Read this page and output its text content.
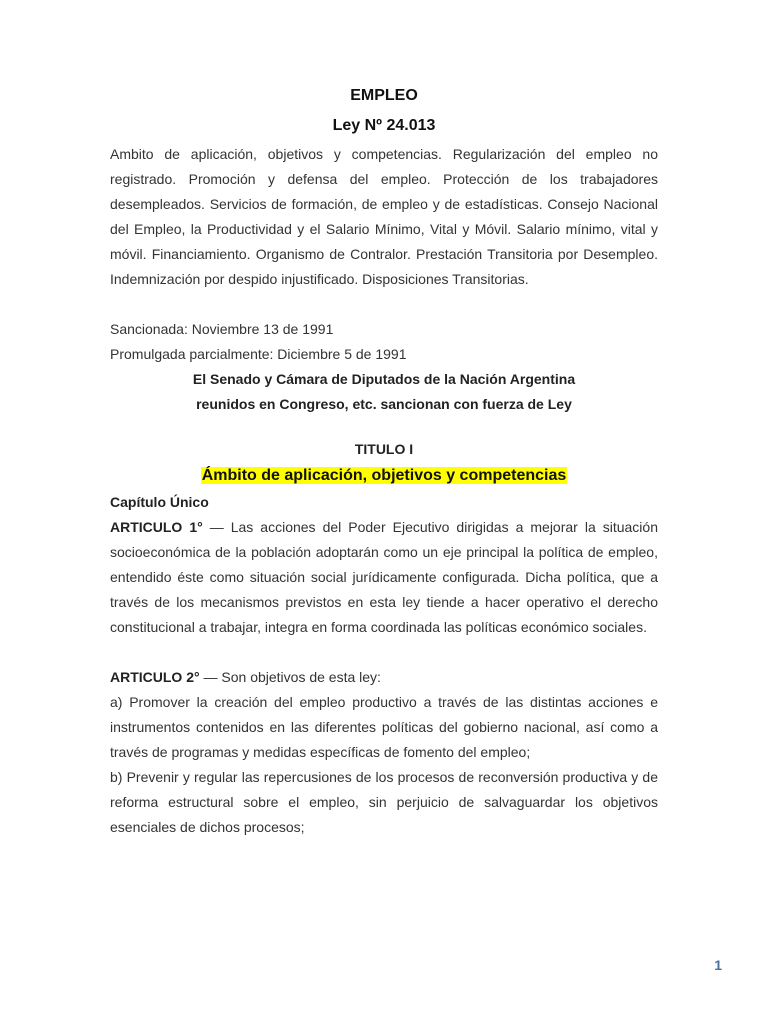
EMPLEO

Ley Nº 24.013

Ambito de aplicación, objetivos y competencias. Regularización del empleo no registrado. Promoción y defensa del empleo. Protección de los trabajadores desempleados. Servicios de formación, de empleo y de estadísticas. Consejo Nacional del Empleo, la Productividad y el Salario Mínimo, Vital y Móvil. Salario mínimo, vital y móvil. Financiamiento. Organismo de Contralor. Prestación Transitoria por Desempleo. Indemnización por despido injustificado. Disposiciones Transitorias.

Sancionada: Noviembre 13 de 1991

Promulgada parcialmente: Diciembre 5 de 1991

El Senado y Cámara de Diputados de la Nación Argentina

reunidos en Congreso, etc. sancionan con fuerza de Ley

TITULO I

Ámbito de aplicación, objetivos y competencias

Capítulo Único

ARTICULO 1° — Las acciones del Poder Ejecutivo dirigidas a mejorar la situación socioeconómica de la población adoptarán como un eje principal la política de empleo, entendido éste como situación social jurídicamente configurada. Dicha política, que a través de los mecanismos previstos en esta ley tiende a hacer operativo el derecho constitucional a trabajar, integra en forma coordinada las políticas económico sociales.

ARTICULO 2° — Son objetivos de esta ley:

a) Promover la creación del empleo productivo a través de las distintas acciones e instrumentos contenidos en las diferentes políticas del gobierno nacional, así como a través de programas y medidas específicas de fomento del empleo;

b) Prevenir y regular las repercusiones de los procesos de reconversión productiva y de reforma estructural sobre el empleo, sin perjuicio de salvaguardar los objetivos esenciales de dichos procesos;

1
